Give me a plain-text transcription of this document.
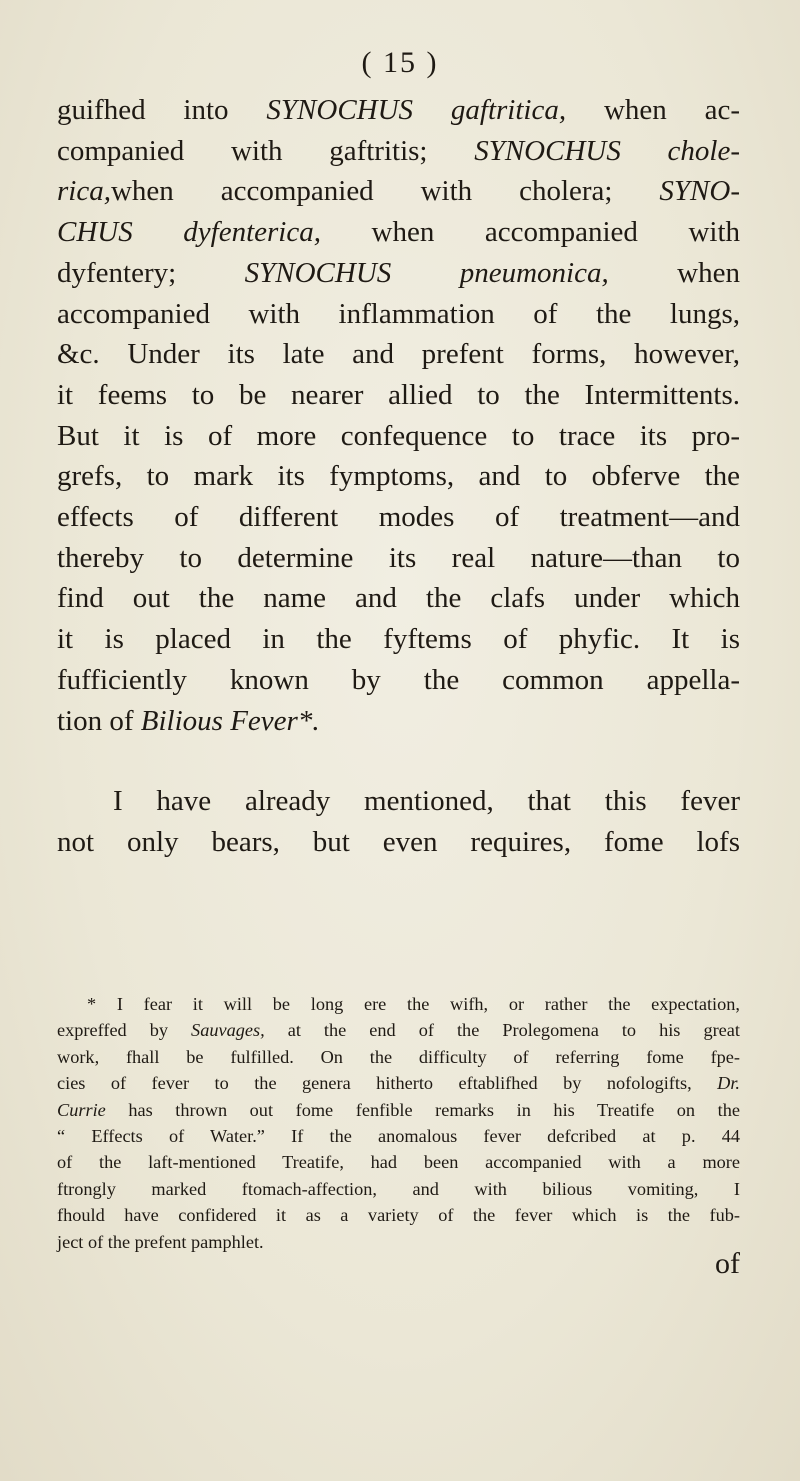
( 15 )
guifhed into SYNOCHUS gaftritica, when ac-
companied with gaftritis; SYNOCHUS chole-
rica,when accompanied with cholera; SYNO-
CHUS dyfenterica, when accompanied with
dyfentery; SYNOCHUS pneumonica, when
accompanied with inflammation of the lungs,
&c. Under its late and prefent forms, however,
it feems to be nearer allied to the Intermittents.
But it is of more confequence to trace its pro-
grefs, to mark its fymptoms, and to obferve the
effects of different modes of treatment—and
thereby to determine its real nature—than to
find out the name and the clafs under which
it is placed in the fyftems of phyfic. It is
fufficiently known by the common appella-
tion of Bilious Fever*.
I have already mentioned, that this fever
not only bears, but even requires, fome lofs
* I fear it will be long ere the wifh, or rather the expectation,
expreffed by Sauvages, at the end of the Prolegomena to his great
work, fhall be fulfilled. On the difficulty of referring fome fpe-
cies of fever to the genera hitherto eftablifhed by nofologifts, Dr.
Currie has thrown out fome fenfible remarks in his Treatife on the
“ Effects of Water.” If the anomalous fever defcribed at p. 44
of the laft-mentioned Treatife, had been accompanied with a more
ftrongly marked ftomach-affection, and with bilious vomiting, I
fhould have confidered it as a variety of the fever which is the fub-
ject of the prefent pamphlet.
of
